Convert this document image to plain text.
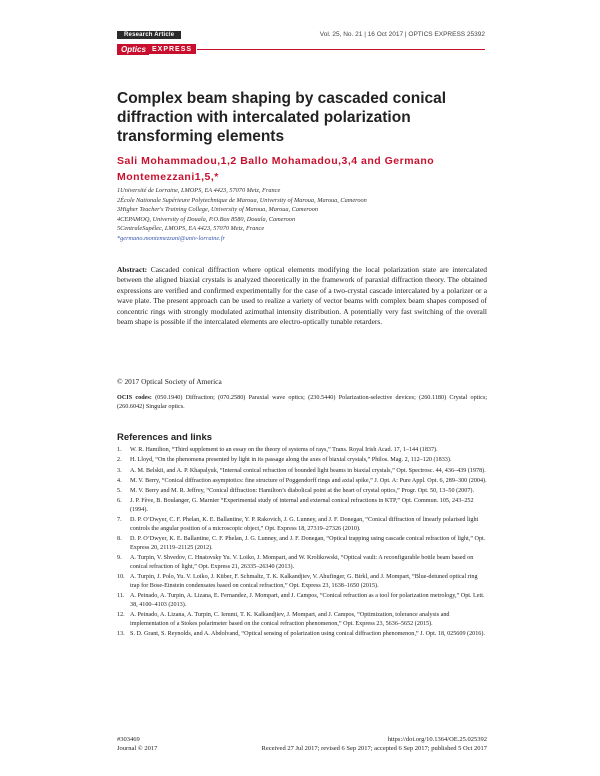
Research Article	Vol. 25, No. 21 | 16 Oct 2017 | OPTICS EXPRESS 25392
Optics EXPRESS
Complex beam shaping by cascaded conical diffraction with intercalated polarization transforming elements
Sali Mohammadou,1,2 Ballo Mohamadou,3,4 and Germano Montemezzani1,5,*
1Université de Lorraine, LMOPS, EA 4423, 57070 Metz, France
2École Nationale Supérieure Polytechnique de Maroua, University of Maroua, Maroua, Cameroon
3Higher Teacher's Training College, University of Maroua, Maroua, Cameroon
4CEPAMOQ, University of Douala, P.O.Box 8580, Douala, Cameroon
5CentraleSupélec, LMOPS, EA 4423, 57070 Metz, France
*germano.montemezzani@univ-lorraine.fr
Abstract: Cascaded conical diffraction where optical elements modifying the local polarization state are intercalated between the aligned biaxial crystals is analyzed theoretically in the framework of paraxial diffraction theory. The obtained expressions are verified and confirmed experimentally for the case of a two-crystal cascade intercalated by a polarizer or a wave plate. The present approach can be used to realize a variety of vector beams with complex beam shapes composed of concentric rings with strongly modulated azimuthal intensity distribution. A potentially very fast switching of the overall beam shape is possible if the intercalated elements are electro-optically tunable retarders.
© 2017 Optical Society of America
OCIS codes: (050.1940) Diffraction; (070.2580) Paraxial wave optics; (230.5440) Polarization-selective devices; (260.1180) Crystal optics; (260.6042) Singular optics.
References and links
1. W. R. Hamilton, “Third supplement to an essay on the theory of systems of rays,” Trans. Royal Irish Acad. 17, 1–144 (1837).
2. H. Lloyd, “On the phenomena presented by light in its passage along the axes of biaxial crystals,” Philos. Mag. 2, 112–120 (1833).
3. A. M. Belskii, and A. P. Khapalyuk, “Internal conical refraction of bounded light beams in biaxial crystals,” Opt. Spectrosc. 44, 436–439 (1978).
4. M. V. Berry, “Conical diffraction asymptotics: fine structure of Poggendorff rings and axial spike,” J. Opt. A: Pure Appl. Opt. 6, 289–300 (2004).
5. M. V. Berry and M. R. Jeffrey, “Conical diffraction: Hamilton’s diabolical point at the heart of crystal optics,” Progr. Opt. 50, 13–50 (2007).
6. J. P. Fève, B. Boulanger, G. Marnier “Experimental study of internal and external conical refractions in KTP,” Opt. Commun. 105, 243–252 (1994).
7. D. P. O’Dwyer, C. F. Phelan, K. E. Ballantine, Y. P. Rakovich, J. G. Lunney, and J. F. Donegan, “Conical diffraction of linearly polarised light controls the angular position of a microscopic object,” Opt. Express 18, 27319–27326 (2010).
8. D. P. O’Dwyer, K. E. Ballantine, C. F. Phelan, J. G. Lunney, and J. F. Donegan, “Optical trapping using cascade conical refraction of light,” Opt. Express 20, 21119–21125 (2012).
9. A. Turpin, V. Shvedov, C. Hnatovsky Yu. V. Loiko, J. Mompart, and W. Krolikowski, “Optical vault: A reconfigurable bottle beam based on conical refraction of light,” Opt. Express 21, 26335–26340 (2013).
10. A. Turpin, J. Polo, Yu. V. Loiko, J. Küber, F. Schmaltz, T. K. Kalkandjiev, V. Ahufinger, G. Birkl, and J. Mompart, “Blue-detuned optical ring trap for Bose-Einstein condensates based on conical refraction,” Opt. Express 23, 1638–1650 (2015).
11. A. Peinado, A. Turpin, A. Lizana, E. Fernandez, J. Mompart, and J. Campos, “Conical refraction as a tool for polarization metrology,” Opt. Lett. 38, 4100–4103 (2013).
12. A. Peinado, A. Lizana, A. Turpin, C. Iemmi, T. K. Kalkandjiev, J. Mompart, and J. Campos, “Optimization, tolerance analysis and implementation of a Stokes polarimeter based on the conical refraction phenomenon,” Opt. Express 23, 5636–5652 (2015).
13. S. D. Grant, S. Reynolds, and A. Abdolvand, “Optical sensing of polarization using conical diffraction phenomenon,” J. Opt. 18, 025609 (2016).
#303469	https://doi.org/10.1364/OE.25.025392
Journal © 2017	Received 27 Jul 2017; revised 6 Sep 2017; accepted 6 Sep 2017; published 5 Oct 2017
